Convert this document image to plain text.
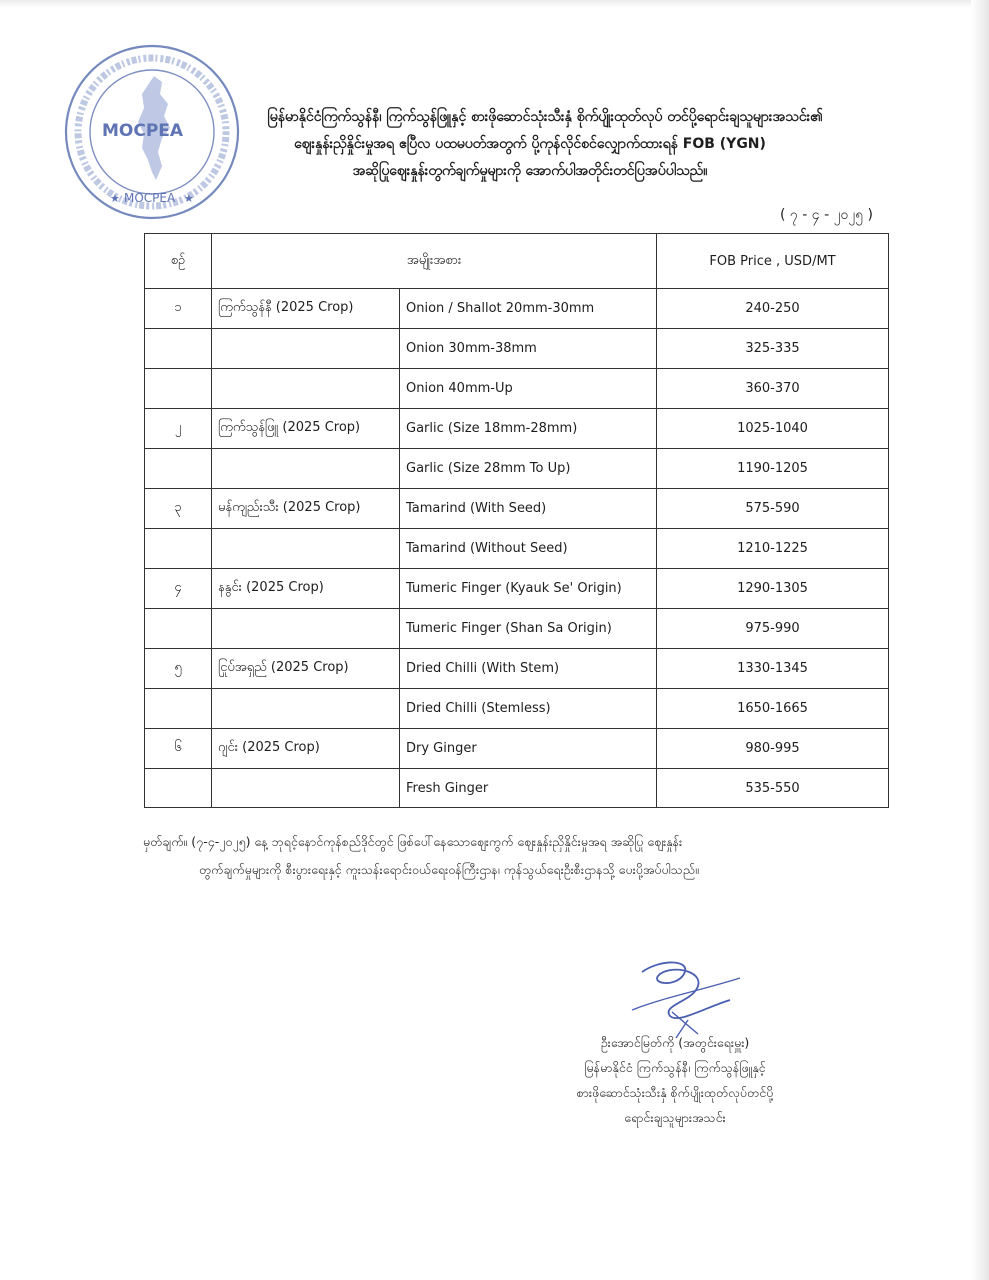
MOCPEA
MOCPEA
★	★

မြန်မာနိုင်ငံကြက်သွန်နီ၊ ကြက်သွန်ဖြူနှင့် စားဖိုဆောင်သုံးသီးနှံ စိုက်ပျိုးထုတ်လုပ် တင်ပို့ရောင်းချသူများအသင်း၏

ဈေးနှုန်းညှိနှိုင်းမှုအရ ဧပြီလ ပထမပတ်အတွက် ပို့ကုန်လိုင်စင်လျှောက်ထားရန် FOB (YGN)

အဆိုပြုဈေးနှုန်းတွက်ချက်မှုများကို အောက်ပါအတိုင်းတင်ပြအပ်ပါသည်။

( ၇ - ၄ - ၂၀၂၅ )
စဉ်	အမျိုးအစား		FOB Price , USD/MT
၁	ကြက်သွန်နီ (2025 Crop)	Onion / Shallot 20mm-30mm	240-250
		Onion 30mm-38mm	325-335
		Onion 40mm-Up	360-370
၂	ကြက်သွန်ဖြူ (2025 Crop)	Garlic (Size 18mm-28mm)	1025-1040
		Garlic (Size 28mm To Up)	1190-1205
၃	မန်ကျည်းသီး (2025 Crop)	Tamarind (With Seed)	575-590
		Tamarind (Without Seed)	1210-1225
၄	နနွင်း (2025 Crop)	Tumeric Finger (Kyauk Se' Origin)	1290-1305
		Tumeric Finger (Shan Sa Origin)	975-990
၅	ငြုပ်အရှည် (2025 Crop)	Dried Chilli (With Stem)	1330-1345
		Dried Chilli (Stemless)	1650-1665
၆	ဂျင်း (2025 Crop)	Dry Ginger	980-995
		Fresh Ginger	535-550
မှတ်ချက်။ (၇-၄-၂၀၂၅) နေ့ ဘုရင့်နောင်ကုန်စည်ဒိုင်တွင် ဖြစ်ပေါ်နေသောဈေးကွက် ဈေးနှုန်းညှိနှိုင်းမှုအရ အဆိုပြု ဈေးနှုန်း
တွက်ချက်မှုများကို စီးပွားရေးနှင့် ကူးသန်းရောင်းဝယ်ရေးဝန်ကြီးဌာန၊ ကုန်သွယ်ရေးဦးစီးဌာနသို့ ပေးပို့အပ်ပါသည်။
ဦးအောင်မြတ်ကို (အတွင်းရေးမှူး)
မြန်မာနိုင်ငံ ကြက်သွန်နီ၊ ကြက်သွန်ဖြူနှင့်
စားဖိုဆောင်သုံးသီးနှံ စိုက်ပျိုးထုတ်လုပ်တင်ပို့
ရောင်းချသူများအသင်း
